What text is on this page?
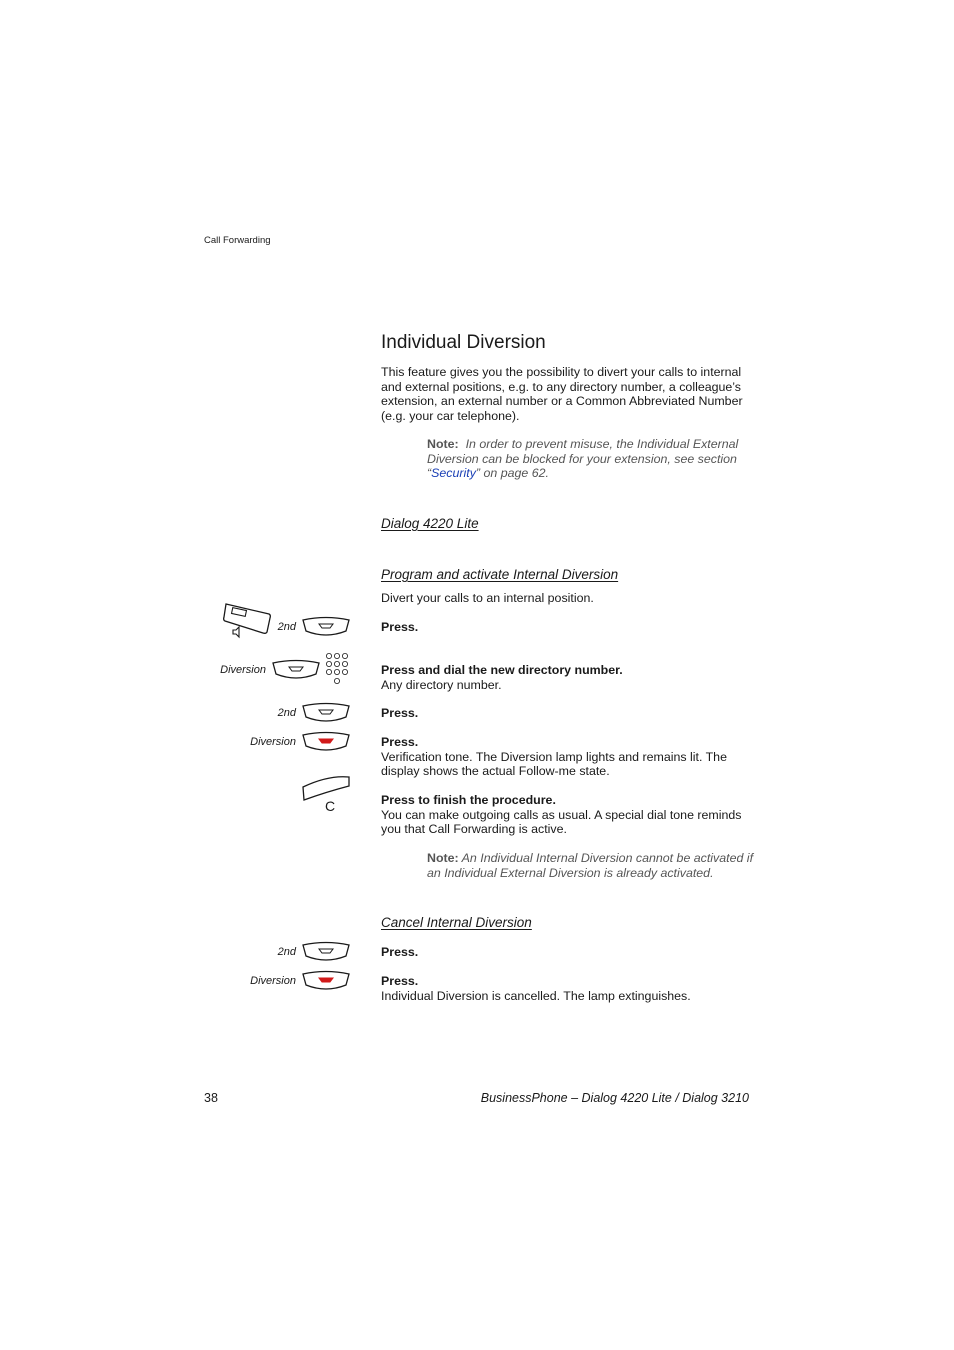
Call Forwarding
Individual Diversion
This feature gives you the possibility to divert your calls to internal and external positions, e.g. to any directory number, a colleague’s extension, an external number or a Common Abbreviated Number (e.g. your car telephone).
Note: In order to prevent misuse, the Individual External Diversion can be blocked for your extension, see section “Security” on page 62.
Dialog 4220 Lite
Program and activate Internal Diversion
Divert your calls to an internal position.
2nd	Press.
Diversion	Press and dial the new directory number.
Any directory number.
2nd	Press.
Diversion	Press.
Verification tone. The Diversion lamp lights and remains lit. The display shows the actual Follow-me state.
C	Press to finish the procedure.
You can make outgoing calls as usual. A special dial tone reminds you that Call Forwarding is active.
Note: An Individual Internal Diversion cannot be activated if an Individual External Diversion is already activated.
Cancel Internal Diversion
2nd	Press.
Diversion	Press.
Individual Diversion is cancelled. The lamp extinguishes.
38	BusinessPhone – Dialog 4220 Lite / Dialog 3210
